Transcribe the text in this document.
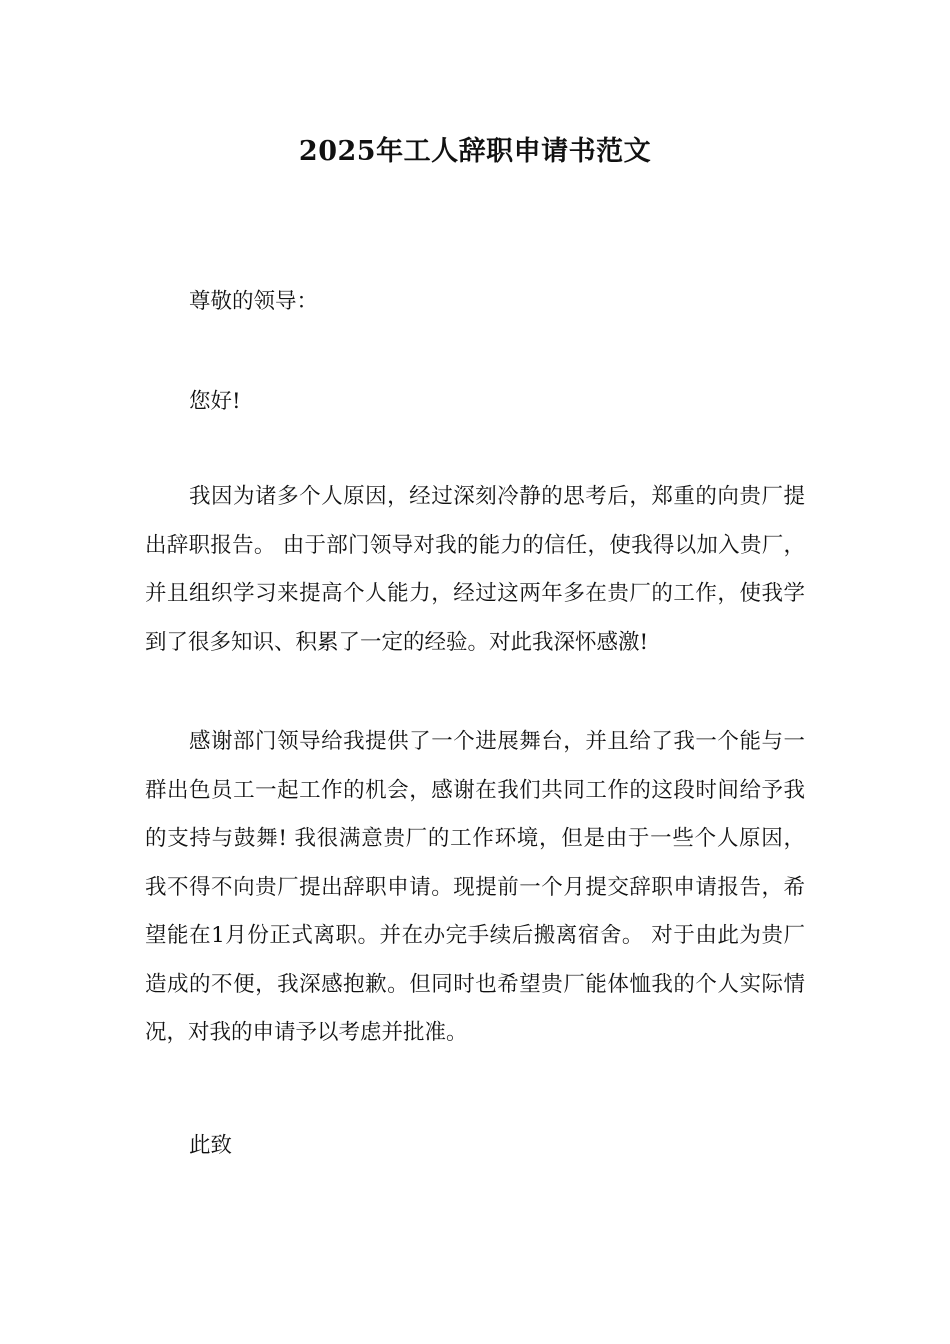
2025年工人辞职申请书范文

尊敬的领导：

您好!

我因为诸多个人原因，经过深刻冷静的思考后，郑重的向贵厂提出辞职报告。 由于部门领导对我的能力的信任，使我得以加入贵厂，并且组织学习来提高个人能力，经过这两年多在贵厂的工作，使我学到了很多知识、积累了一定的经验。对此我深怀感激!

感谢部门领导给我提供了一个进展舞台，并且给了我一个能与一群出色员工一起工作的机会，感谢在我们共同工作的这段时间给予我的支持与鼓舞! 我很满意贵厂的工作环境，但是由于一些个人原因，我不得不向贵厂提出辞职申请。现提前一个月提交辞职申请报告，希望能在1月份正式离职。并在办完手续后搬离宿舍。 对于由此为贵厂造成的不便，我深感抱歉。但同时也希望贵厂能体恤我的个人实际情况，对我的申请予以考虑并批准。

此致
